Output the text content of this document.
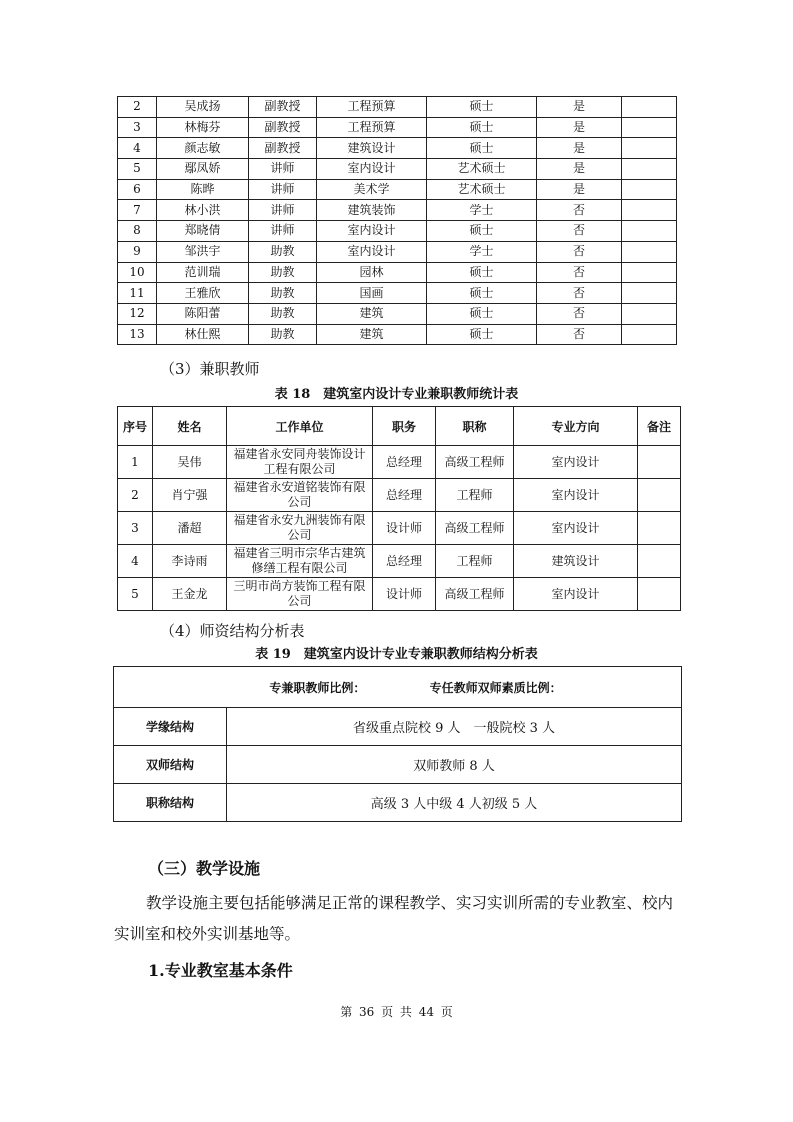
2	吴成扬	副教授	工程预算	硕士	是	
3	林梅芬	副教授	工程预算	硕士	是	
4	颜志敏	副教授	建筑设计	硕士	是	
5	鄢凤娇	讲师	室内设计	艺术硕士	是	
6	陈晔	讲师	美术学	艺术硕士	是	
7	林小洪	讲师	建筑装饰	学士	否	
8	郑晓倩	讲师	室内设计	硕士	否	
9	邹洪宇	助教	室内设计	学士	否	
10	范训瑞	助教	园林	硕士	否	
11	王雅欣	助教	国画	硕士	否	
12	陈阳蕾	助教	建筑	硕士	否	
13	林仕熙	助教	建筑	硕士	否	
（3）兼职教师
表 18　建筑室内设计专业兼职教师统计表
序号	姓名	工作单位	职务	职称	专业方向	备注
1	吴伟	福建省永安同舟装饰设计工程有限公司	总经理	高级工程师	室内设计	
2	肖宁强	福建省永安道铭装饰有限公司	总经理	工程师	室内设计	
3	潘超	福建省永安九洲装饰有限公司	设计师	高级工程师	室内设计	
4	李诗雨	福建省三明市宗华古建筑修缮工程有限公司	总经理	工程师	建筑设计	
5	王金龙	三明市尚方装饰工程有限公司	设计师	高级工程师	室内设计	
（4）师资结构分析表
表 19　建筑室内设计专业专兼职教师结构分析表
专兼职教师比例： 专任教师双师素质比例：	
学缘结构	省级重点院校 9 人　一般院校 3 人
双师结构	双师教师 8 人
职称结构	高级 3 人中级 4 人初级 5 人
（三）教学设施
教学设施主要包括能够满足正常的课程教学、实习实训所需的专业教室、校内实训室和校外实训基地等。
1.专业教室基本条件
第 36 页 共 44 页
